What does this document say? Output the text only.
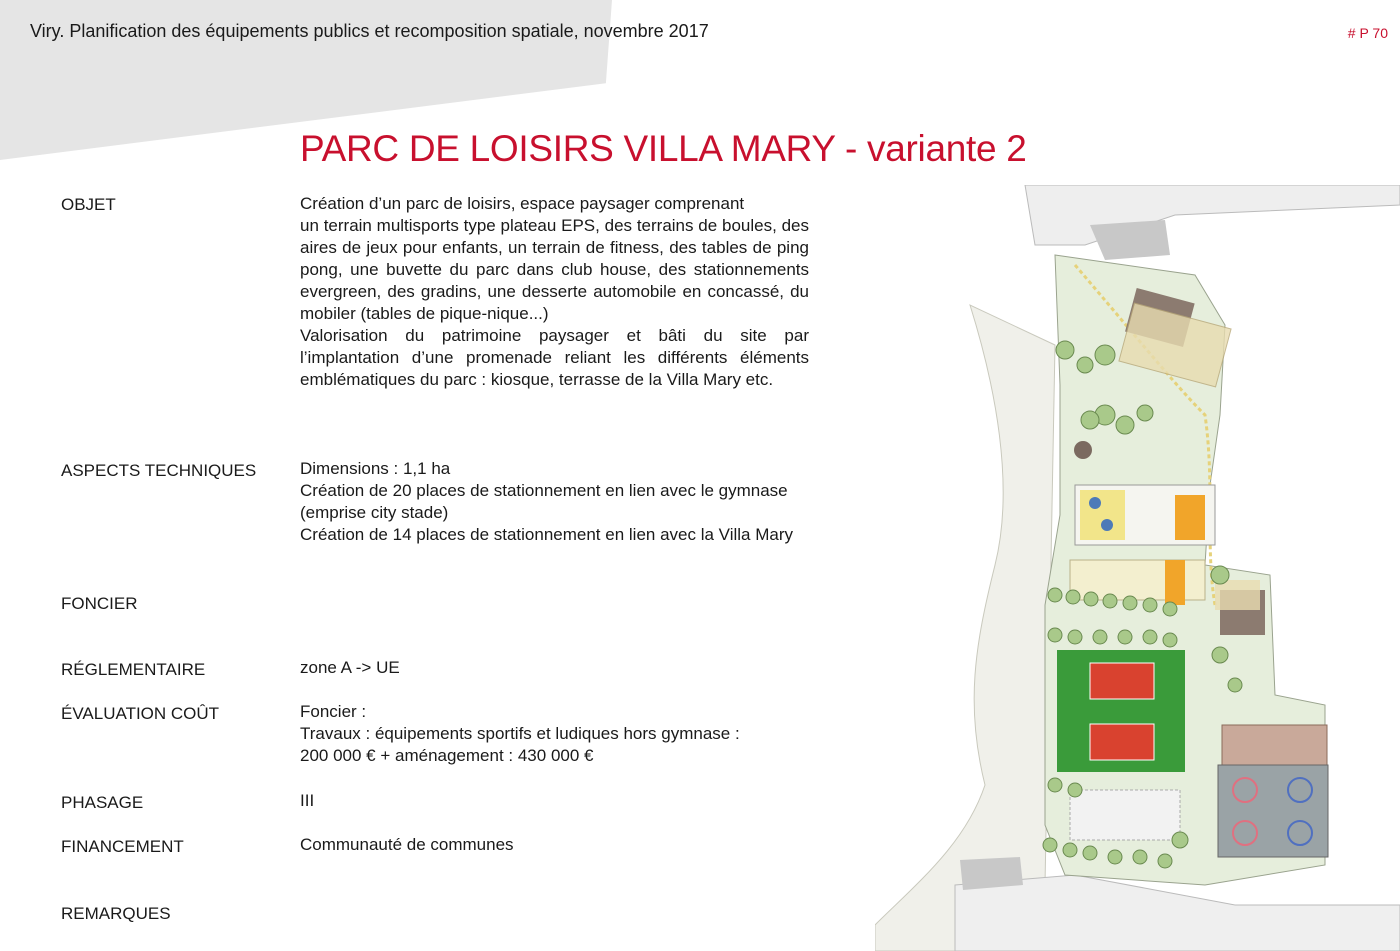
Viry. Planification des équipements publics et recomposition spatiale, novembre 2017	# P 70
PARC DE LOISIRS VILLA MARY - variante 2
OBJET	Création d’un parc de loisirs, espace paysager comprenant
un terrain multisports type plateau EPS, des terrains de boules, des aires de jeux pour enfants, un terrain de fitness, des tables de ping pong, une buvette du parc dans club house, des stationnements evergreen, des gradins, une desserte automobile en concassé, du mobiler (tables de pique-nique...)
Valorisation du patrimoine paysager et bâti du site par l’implantation d’une promenade reliant les différents éléments emblématiques du parc : kiosque, terrasse de la Villa Mary etc.
ASPECTS TECHNIQUES	Dimensions : 1,1 ha
Création de 20 places de stationnement en lien avec le gymnase (emprise city stade)
Création de 14 places de stationnement en lien avec la Villa Mary
FONCIER
RÉGLEMENTAIRE	zone A -> UE
ÉVALUATION COÛT	Foncier :
Travaux : équipements sportifs et ludiques hors gymnase :
200 000 € + aménagement : 430 000 €
PHASAGE	III
FINANCEMENT	Communauté de communes
REMARQUES
